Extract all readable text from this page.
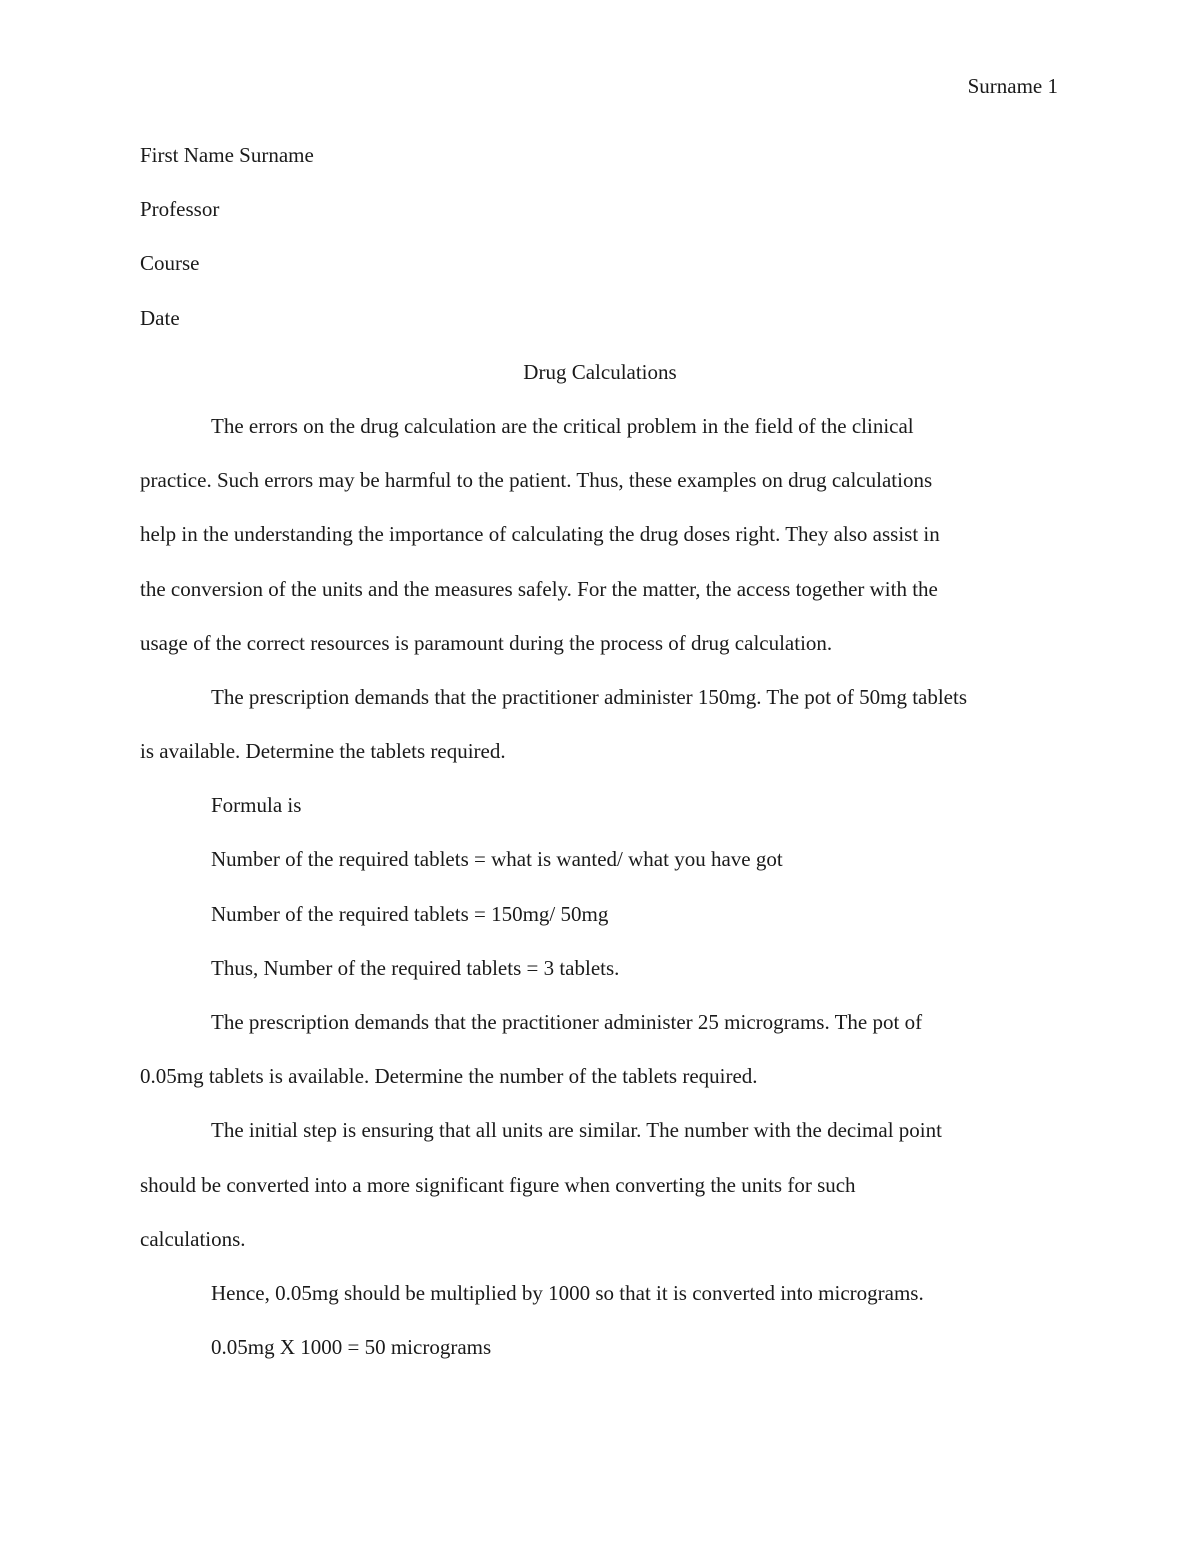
Surname 1
First Name Surname
Professor
Course
Date
Drug Calculations
The errors on the drug calculation are the critical problem in the field of the clinical
practice. Such errors may be harmful to the patient. Thus, these examples on drug calculations
help in the understanding the importance of calculating the drug doses right. They also assist in
the conversion of the units and the measures safely. For the matter, the access together with the
usage of the correct resources is paramount during the process of drug calculation.
The prescription demands that the practitioner administer 150mg. The pot of 50mg tablets
is available. Determine the tablets required.
Formula is
Number of the required tablets = what is wanted/ what you have got
Number of the required tablets = 150mg/ 50mg
Thus, Number of the required tablets = 3 tablets.
The prescription demands that the practitioner administer 25 micrograms. The pot of
0.05mg tablets is available. Determine the number of the tablets required.
The initial step is ensuring that all units are similar. The number with the decimal point
should be converted into a more significant figure when converting the units for such
calculations.
Hence, 0.05mg should be multiplied by 1000 so that it is converted into micrograms.
0.05mg X 1000 = 50 micrograms
